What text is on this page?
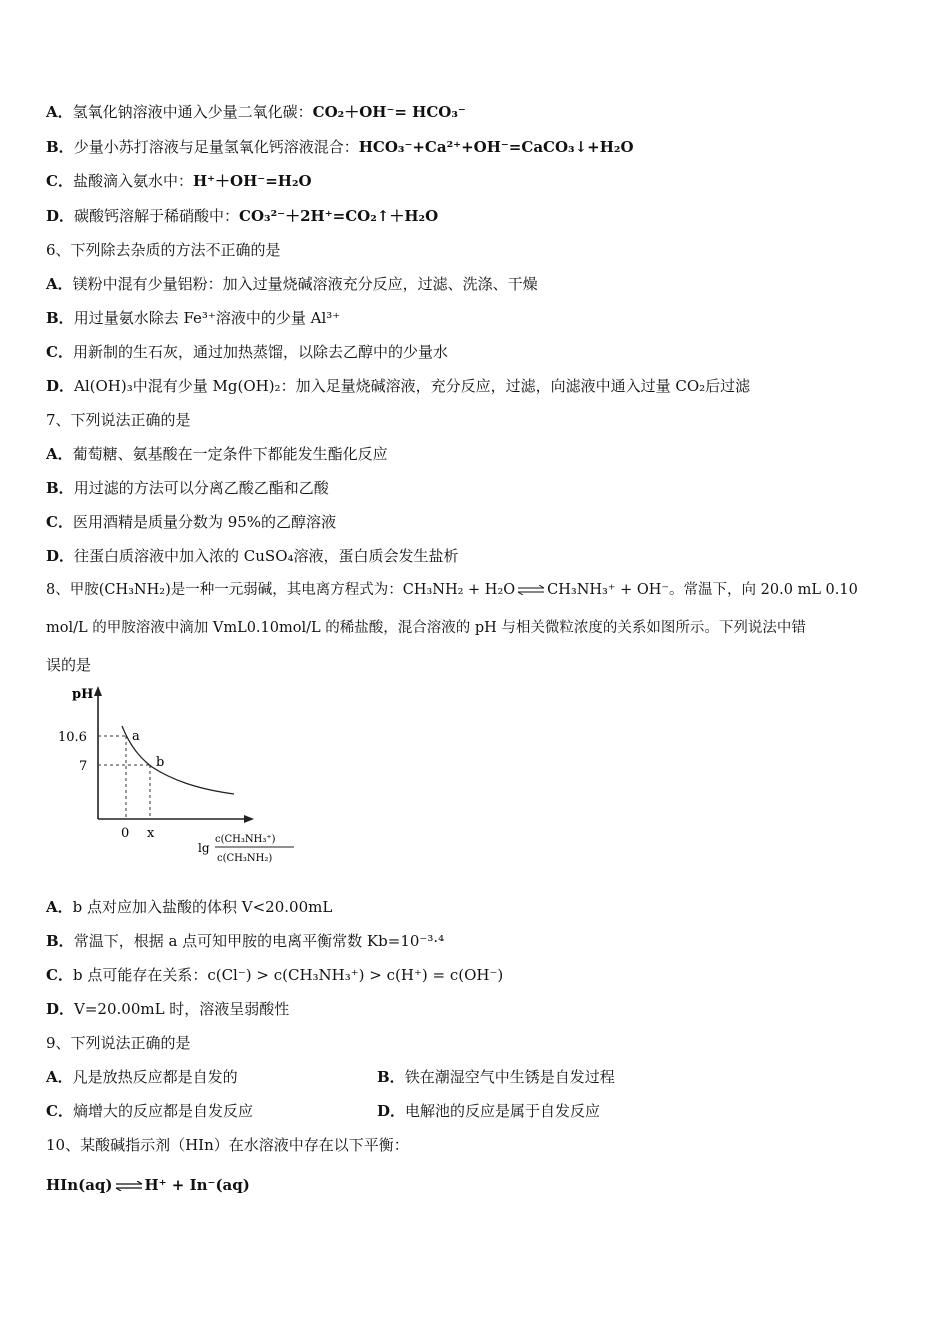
A．氢氧化钠溶液中通入少量二氧化碳：CO₂＋OH⁻= HCO₃⁻
B．少量小苏打溶液与足量氢氧化钙溶液混合：HCO₃⁻+Ca²⁺+OH⁻=CaCO₃↓+H₂O
C．盐酸滴入氨水中：H⁺＋OH⁻=H₂O
D．碳酸钙溶解于稀硝酸中：CO₃²⁻＋2H⁺=CO₂↑＋H₂O
6、下列除去杂质的方法不正确的是
A．镁粉中混有少量铝粉：加入过量烧碱溶液充分反应，过滤、洗涤、干燥
B．用过量氨水除去 Fe³⁺溶液中的少量 Al³⁺
C．用新制的生石灰，通过加热蒸馏，以除去乙醇中的少量水
D．Al(OH)₃中混有少量 Mg(OH)₂：加入足量烧碱溶液，充分反应，过滤，向滤液中通入过量 CO₂后过滤
7、下列说法正确的是
A．葡萄糖、氨基酸在一定条件下都能发生酯化反应
B．用过滤的方法可以分离乙酸乙酯和乙酸
C．医用酒精是质量分数为 95%的乙醇溶液
D．往蛋白质溶液中加入浓的 CuSO₄溶液，蛋白质会发生盐析
8、甲胺(CH₃NH₂)是一种一元弱碱，其电离方程式为：CH₃NH₂ + H₂O ⇌ CH₃NH₃⁺ + OH⁻。常温下，向 20.0 mL 0.10
mol/L 的甲胺溶液中滴加 VmL0.10mol/L 的稀盐酸，混合溶液的 pH 与相关微粒浓度的关系如图所示。下列说法中错
误的是
pH
10.6
7
0 x
a
b
lg
c(CH₃NH₃⁺)
c(CH₃NH₂)
A．b 点对应加入盐酸的体积 V<20.00mL
B．常温下，根据 a 点可知甲胺的电离平衡常数 Kb=10⁻³·⁴
C．b 点可能存在关系：c(Cl⁻) > c(CH₃NH₃⁺) > c(H⁺) = c(OH⁻)
D．V=20.00mL 时，溶液呈弱酸性
9、下列说法正确的是
A．凡是放热反应都是自发的	B．铁在潮湿空气中生锈是自发过程
C．熵增大的反应都是自发反应	D．电解池的反应是属于自发反应
10、某酸碱指示剂（HIn）在水溶液中存在以下平衡：
HIn(aq) ⇌ H⁺ + In⁻(aq)
